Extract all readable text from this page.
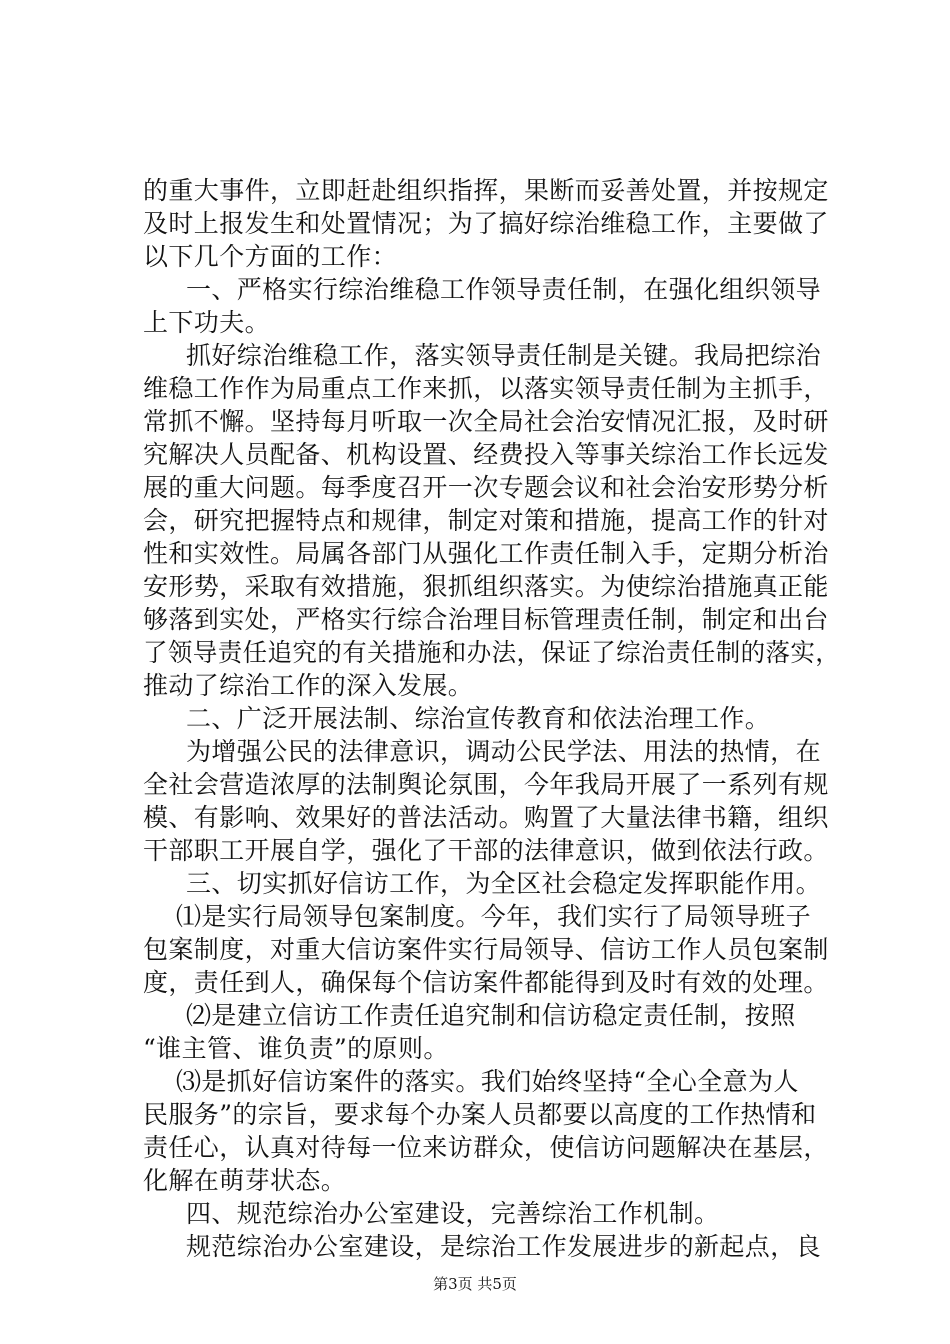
的重大事件，立即赶赴组织指挥，果断而妥善处置，并按规定
及时上报发生和处置情况；为了搞好综治维稳工作，主要做了
以下几个方面的工作：
一、严格实行综治维稳工作领导责任制，在强化组织领导
上下功夫。
抓好综治维稳工作，落实领导责任制是关键。我局把综治
维稳工作作为局重点工作来抓，以落实领导责任制为主抓手，
常抓不懈。坚持每月听取一次全局社会治安情况汇报，及时研
究解决人员配备、机构设置、经费投入等事关综治工作长远发
展的重大问题。每季度召开一次专题会议和社会治安形势分析
会，研究把握特点和规律，制定对策和措施，提高工作的针对
性和实效性。局属各部门从强化工作责任制入手，定期分析治
安形势，采取有效措施，狠抓组织落实。为使综治措施真正能
够落到实处，严格实行综合治理目标管理责任制，制定和出台
了领导责任追究的有关措施和办法，保证了综治责任制的落实，
推动了综治工作的深入发展。
二、广泛开展法制、综治宣传教育和依法治理工作。
为增强公民的法律意识，调动公民学法、用法的热情，在
全社会营造浓厚的法制舆论氛围，今年我局开展了一系列有规
模、有影响、效果好的普法活动。购置了大量法律书籍，组织
干部职工开展自学，强化了干部的法律意识，做到依法行政。
三、切实抓好信访工作，为全区社会稳定发挥职能作用。
⑴是实行局领导包案制度。今年，我们实行了局领导班子
包案制度，对重大信访案件实行局领导、信访工作人员包案制
度，责任到人，确保每个信访案件都能得到及时有效的处理。
⑵是建立信访工作责任追究制和信访稳定责任制，按照
“谁主管、谁负责”的原则。
⑶是抓好信访案件的落实。我们始终坚持“全心全意为人
民服务”的宗旨，要求每个办案人员都要以高度的工作热情和
责任心，认真对待每一位来访群众，使信访问题解决在基层，
化解在萌芽状态。
四、规范综治办公室建设，完善综治工作机制。
规范综治办公室建设，是综治工作发展进步的新起点，良
第3页 共5页
